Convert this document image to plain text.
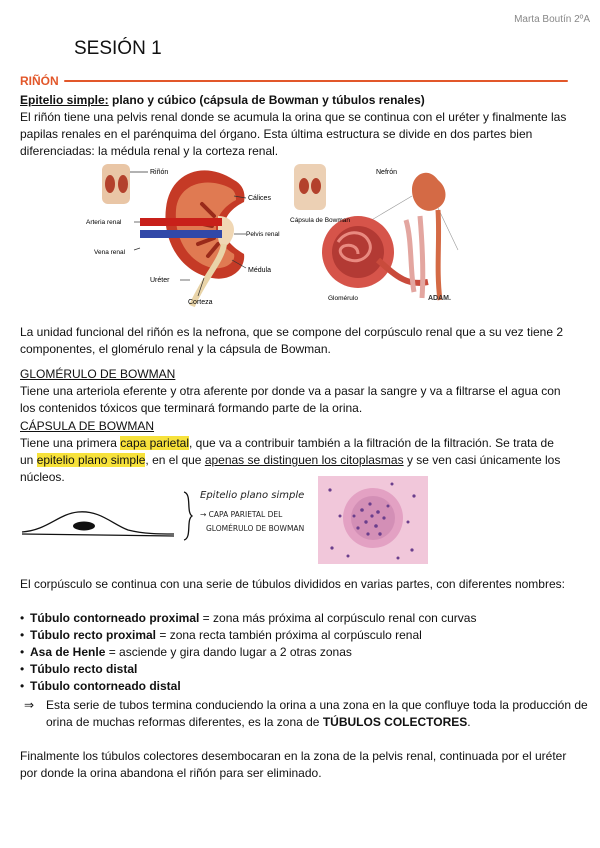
Marta Boutín 2ºA
SESIÓN 1
RIÑÓN
Epitelio simple: plano y cúbico (cápsula de Bowman y túbulos renales)
El riñón tiene una pelvis renal donde se acumula la orina que se continua con el uréter y finalmente las papilas renales en el parénquima del órgano. Esta última estructura se divide en dos partes bien diferenciadas: la médula renal y la corteza renal.
Riñón
Cálices
Arteria renal
Pelvis renal
Vena renal
Médula
Uréter
Corteza
Nefrón
Cápsula de Bowman
Glomérulo	ADAM.
La unidad funcional del riñón es la nefrona, que se compone del corpúsculo renal que a su vez tiene 2 componentes, el glomérulo renal y la cápsula de Bowman.
GLOMÉRULO DE BOWMAN
Tiene una arteriola eferente y otra aferente por donde va a pasar la sangre y va a filtrarse el agua con los contenidos tóxicos que terminará formando parte de la orina.
CÁPSULA DE BOWMAN
Tiene una primera capa parietal, que va a contribuir también a la filtración de la filtración. Se trata de un epitelio plano simple, en el que apenas se distinguen los citoplasmas y se ven casi únicamente los núcleos.
Epitelio plano simple
→ CAPA PARIETAL DEL
GLOMÉRULO DE BOWMAN
El corpúsculo se continua con una serie de túbulos divididos en varias partes, con diferentes nombres:
• Túbulo contorneado proximal = zona más próxima al corpúsculo renal con curvas
• Túbulo recto proximal = zona recta también próxima al corpúsculo renal
• Asa de Henle = asciende y gira dando lugar a 2 otras zonas
• Túbulo recto distal
• Túbulo contorneado distal
⇒ Esta serie de tubos termina conduciendo la orina a una zona en la que confluye toda la producción de orina de muchas reformas diferentes, es la zona de TÚBULOS COLECTORES.
Finalmente los túbulos colectores desembocaran en la zona de la pelvis renal, continuada por el uréter por donde la orina abandona el riñón para ser eliminado.
